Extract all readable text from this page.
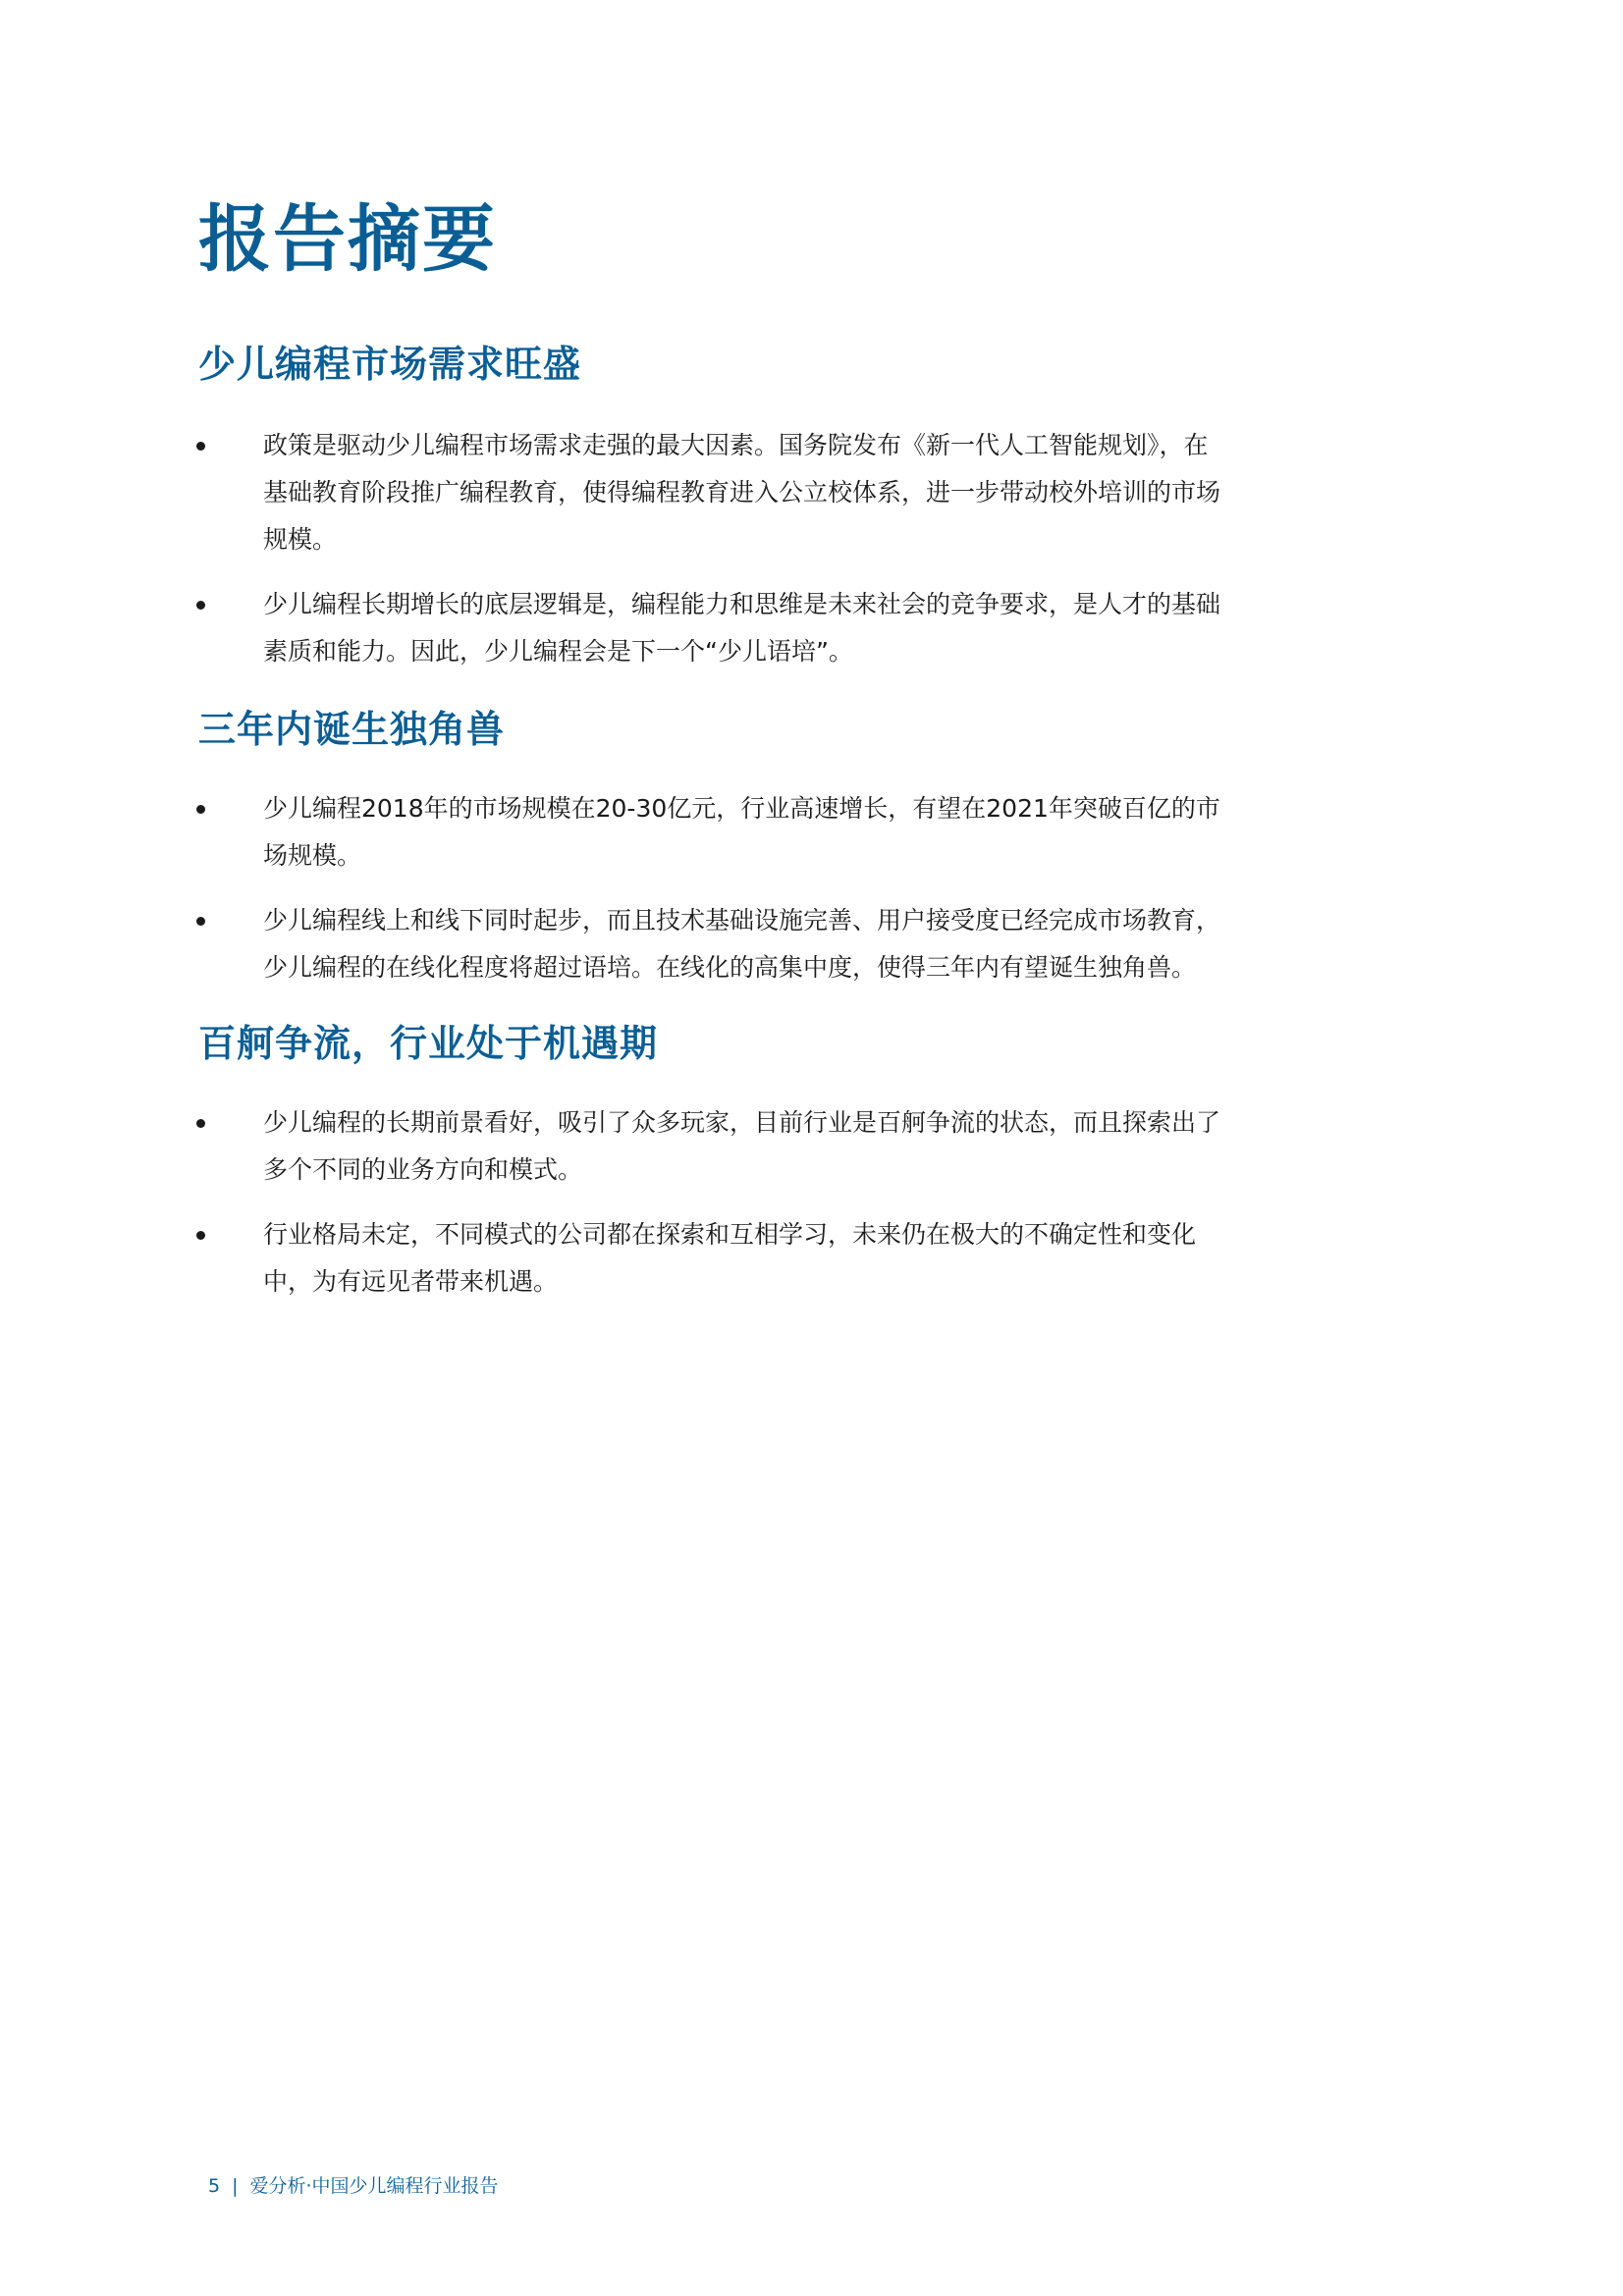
报告摘要
少儿编程市场需求旺盛
政策是驱动少儿编程市场需求走强的最大因素。国务院发布《新一代人工智能规划》，在基础教育阶段推广编程教育，使得编程教育进入公立校体系，进一步带动校外培训的市场规模。
少儿编程长期增长的底层逻辑是，编程能力和思维是未来社会的竞争要求，是人才的基础素质和能力。因此，少儿编程会是下一个“少儿语培”。
三年内诞生独角兽
少儿编程2018年的市场规模在20-30亿元，行业高速增长，有望在2021年突破百亿的市场规模。
少儿编程线上和线下同时起步，而且技术基础设施完善、用户接受度已经完成市场教育，少儿编程的在线化程度将超过语培。在线化的高集中度，使得三年内有望诞生独角兽。
百舸争流，行业处于机遇期
少儿编程的长期前景看好，吸引了众多玩家，目前行业是百舸争流的状态，而且探索出了多个不同的业务方向和模式。
行业格局未定，不同模式的公司都在探索和互相学习，未来仍在极大的不确定性和变化中，为有远见者带来机遇。
5 | 爱分析·中国少儿编程行业报告
